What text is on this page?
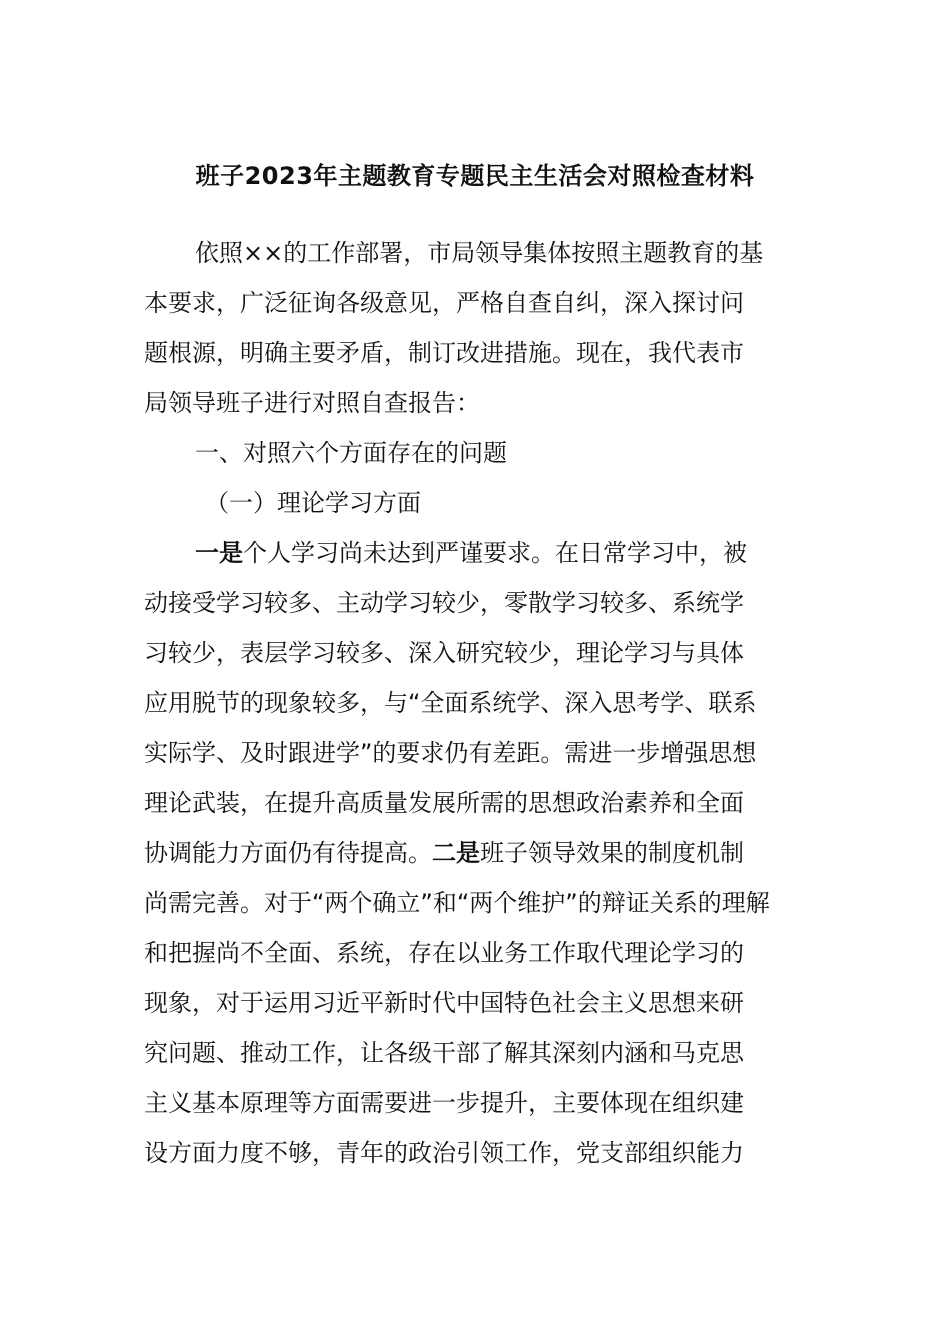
班子2023年主题教育专题民主生活会对照检查材料
依照××的工作部署，市局领导集体按照主题教育的基
本要求，广泛征询各级意见，严格自查自纠，深入探讨问
题根源，明确主要矛盾，制订改进措施。现在，我代表市
局领导班子进行对照自查报告：
一、对照六个方面存在的问题
（一）理论学习方面
一是个人学习尚未达到严谨要求。在日常学习中，被
动接受学习较多、主动学习较少，零散学习较多、系统学
习较少，表层学习较多、深入研究较少，理论学习与具体
应用脱节的现象较多，与“全面系统学、深入思考学、联系
实际学、及时跟进学”的要求仍有差距。需进一步增强思想
理论武装，在提升高质量发展所需的思想政治素养和全面
协调能力方面仍有待提高。二是班子领导效果的制度机制
尚需完善。对于“两个确立”和“两个维护”的辩证关系的理解
和把握尚不全面、系统，存在以业务工作取代理论学习的
现象，对于运用习近平新时代中国特色社会主义思想来研
究问题、推动工作，让各级干部了解其深刻内涵和马克思
主义基本原理等方面需要进一步提升，主要体现在组织建
设方面力度不够，青年的政治引领工作，党支部组织能力
